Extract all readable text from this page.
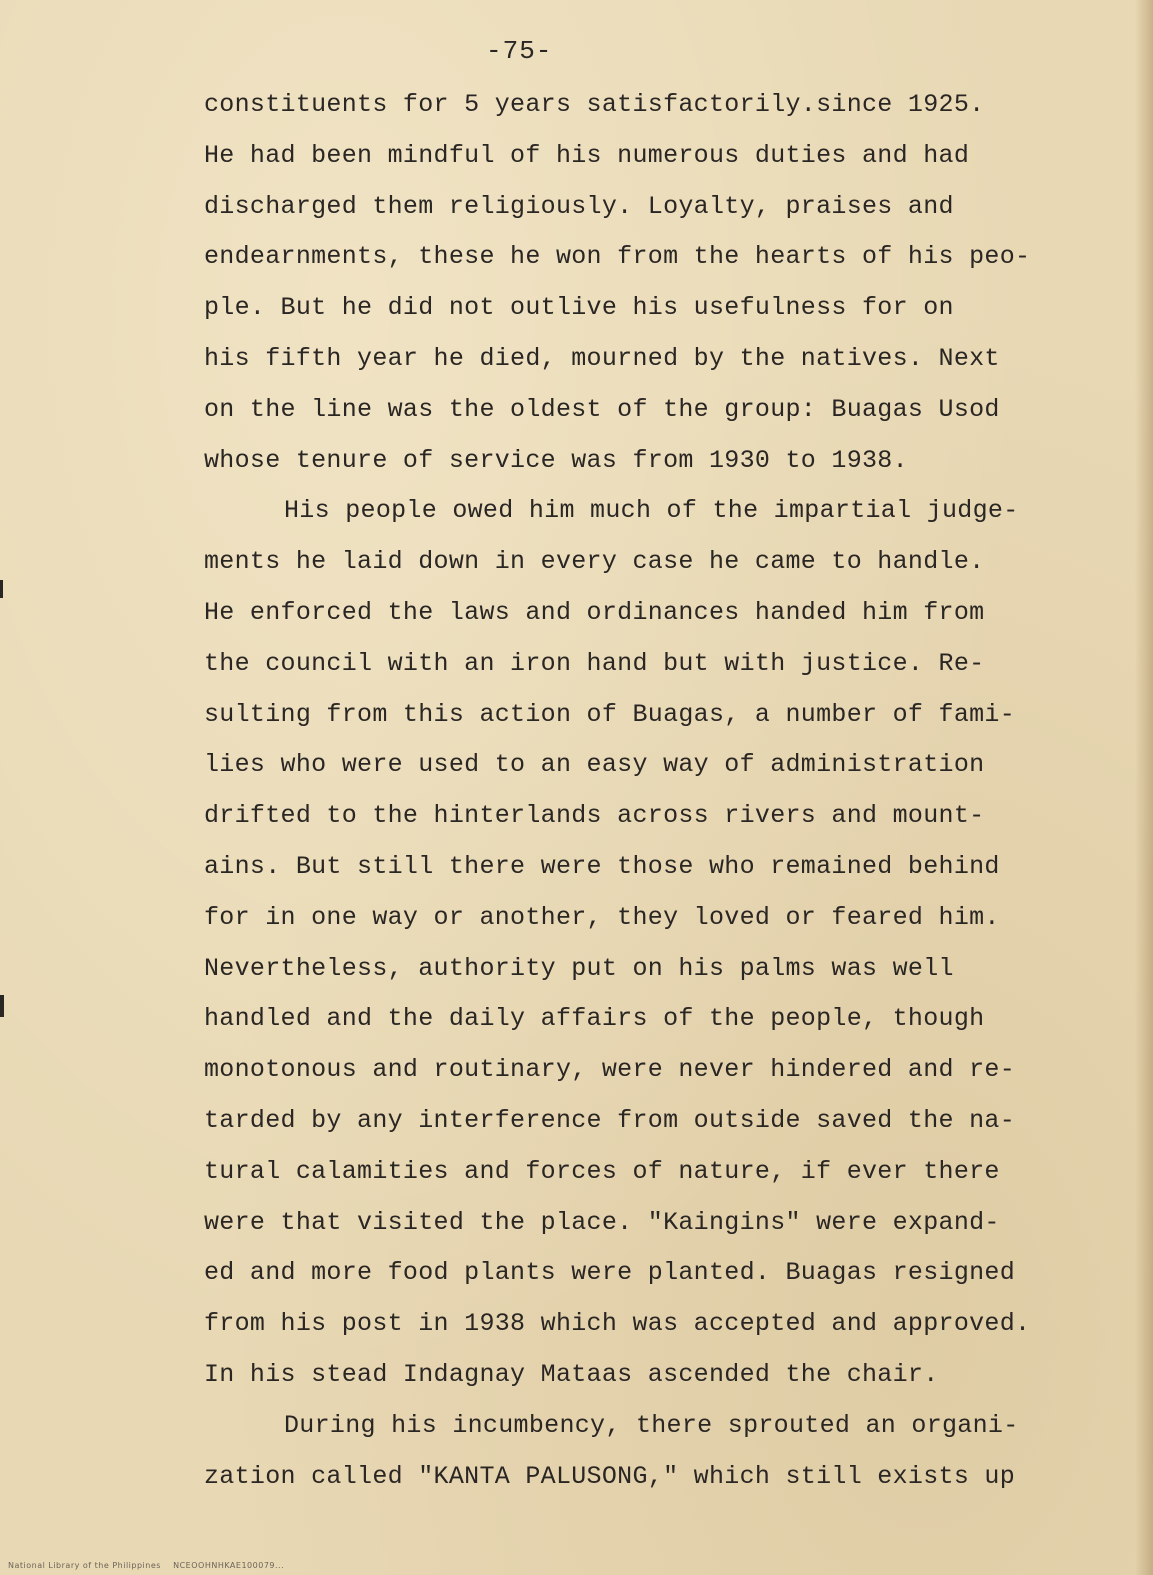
-75-
constituents for 5 years satisfactorily.since 1925.
He had been mindful of his numerous duties and had
discharged them religiously. Loyalty, praises and
endearnments, these he won from the hearts of his peo-
ple. But he did not outlive his usefulness for on
his fifth year he died, mourned by the natives. Next
on the line was the oldest of the group: Buagas Usod
whose tenure of service was from 1930 to 1938.
His people owed him much of the impartial judge-
ments he laid down in every case he came to handle.
He enforced the laws and ordinances handed him from
the council with an iron hand but with justice. Re-
sulting from this action of Buagas, a number of fami-
lies who were used to an easy way of administration
drifted to the hinterlands across rivers and mount-
ains. But still there were those who remained behind
for in one way or another, they loved or feared him.
Nevertheless, authority put on his palms was well
handled and the daily affairs of the people, though
monotonous and routinary, were never hindered and re-
tarded by any interference from outside saved the na-
tural calamities and forces of nature, if ever there
were that visited the place. "Kaingins" were expand-
ed and more food plants were planted. Buagas resigned
from his post in 1938 which was accepted and approved.
In his stead Indagnay Mataas ascended the chair.
During his incumbency, there sprouted an organi-
zation called "KANTA PALUSONG," which still exists up
National Library of the Philippines    NCEOOHNHKAE100079...
